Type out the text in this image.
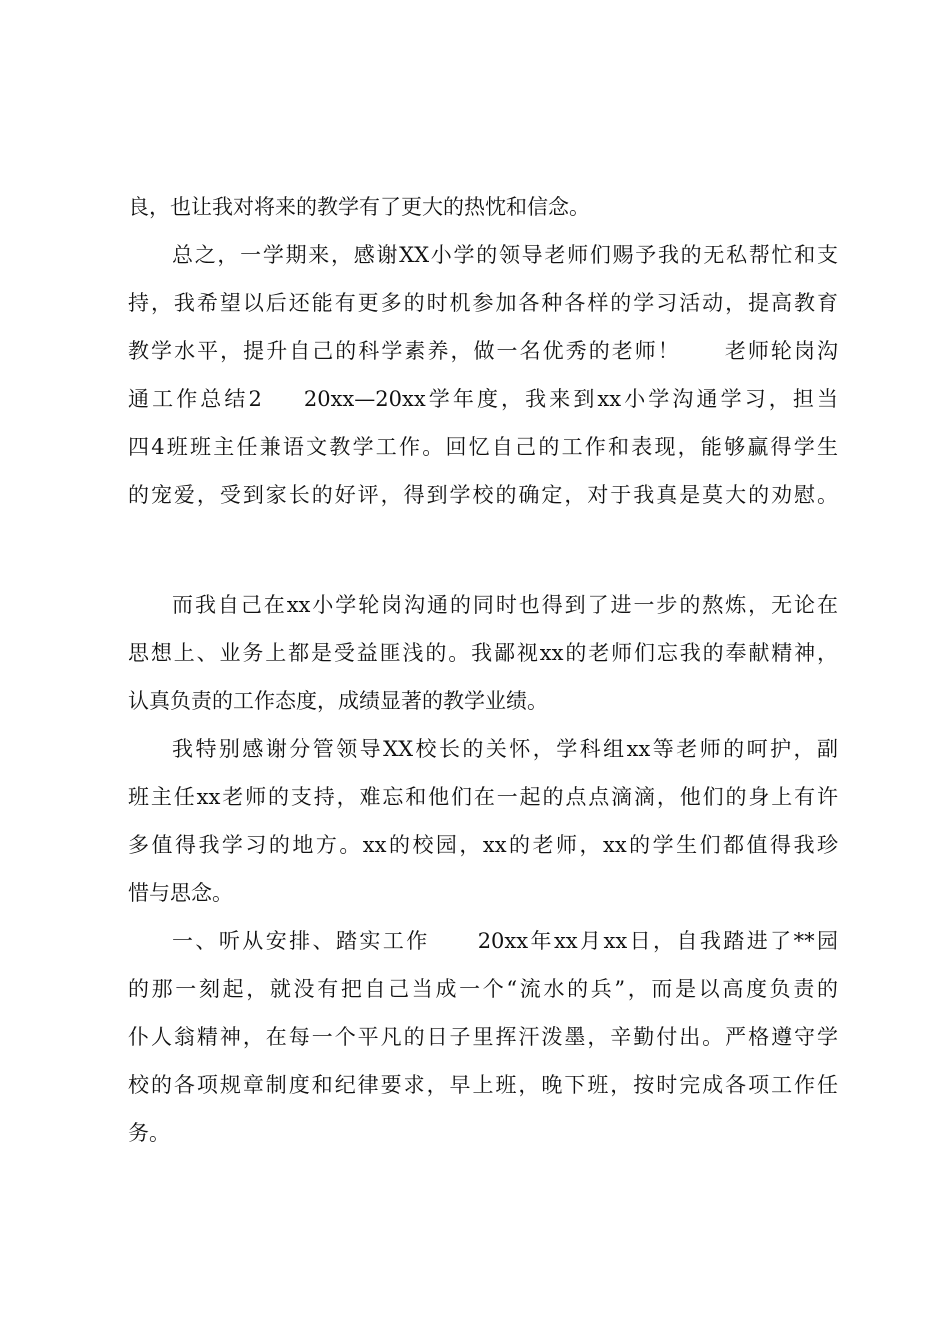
良，也让我对将来的教学有了更大的热忱和信念。
总之，一学期来，感谢XX小学的领导老师们赐予我的无私帮忙和支
持，我希望以后还能有更多的时机参加各种各样的学习活动，提高教育
教学水平，提升自己的科学素养，做一名优秀的老师！ 老师轮岗沟
通工作总结2 20xx—20xx学年度，我来到xx小学沟通学习，担当
四4班班主任兼语文教学工作。回忆自己的工作和表现，能够赢得学生
的宠爱，受到家长的好评，得到学校的确定，对于我真是莫大的劝慰。
而我自己在xx小学轮岗沟通的同时也得到了进一步的熬炼，无论在
思想上、业务上都是受益匪浅的。我鄙视xx的老师们忘我的奉献精神，
认真负责的工作态度，成绩显著的教学业绩。
我特别感谢分管领导XX校长的关怀，学科组xx等老师的呵护，副
班主任xx老师的支持，难忘和他们在一起的点点滴滴，他们的身上有许
多值得我学习的地方。xx的校园，xx的老师，xx的学生们都值得我珍
惜与思念。
一、听从安排、踏实工作 20xx年xx月xx日，自我踏进了**园
的那一刻起，就没有把自己当成一个“流水的兵”，而是以高度负责的
仆人翁精神，在每一个平凡的日子里挥汗泼墨，辛勤付出。严格遵守学
校的各项规章制度和纪律要求，早上班，晚下班，按时完成各项工作任
务。
